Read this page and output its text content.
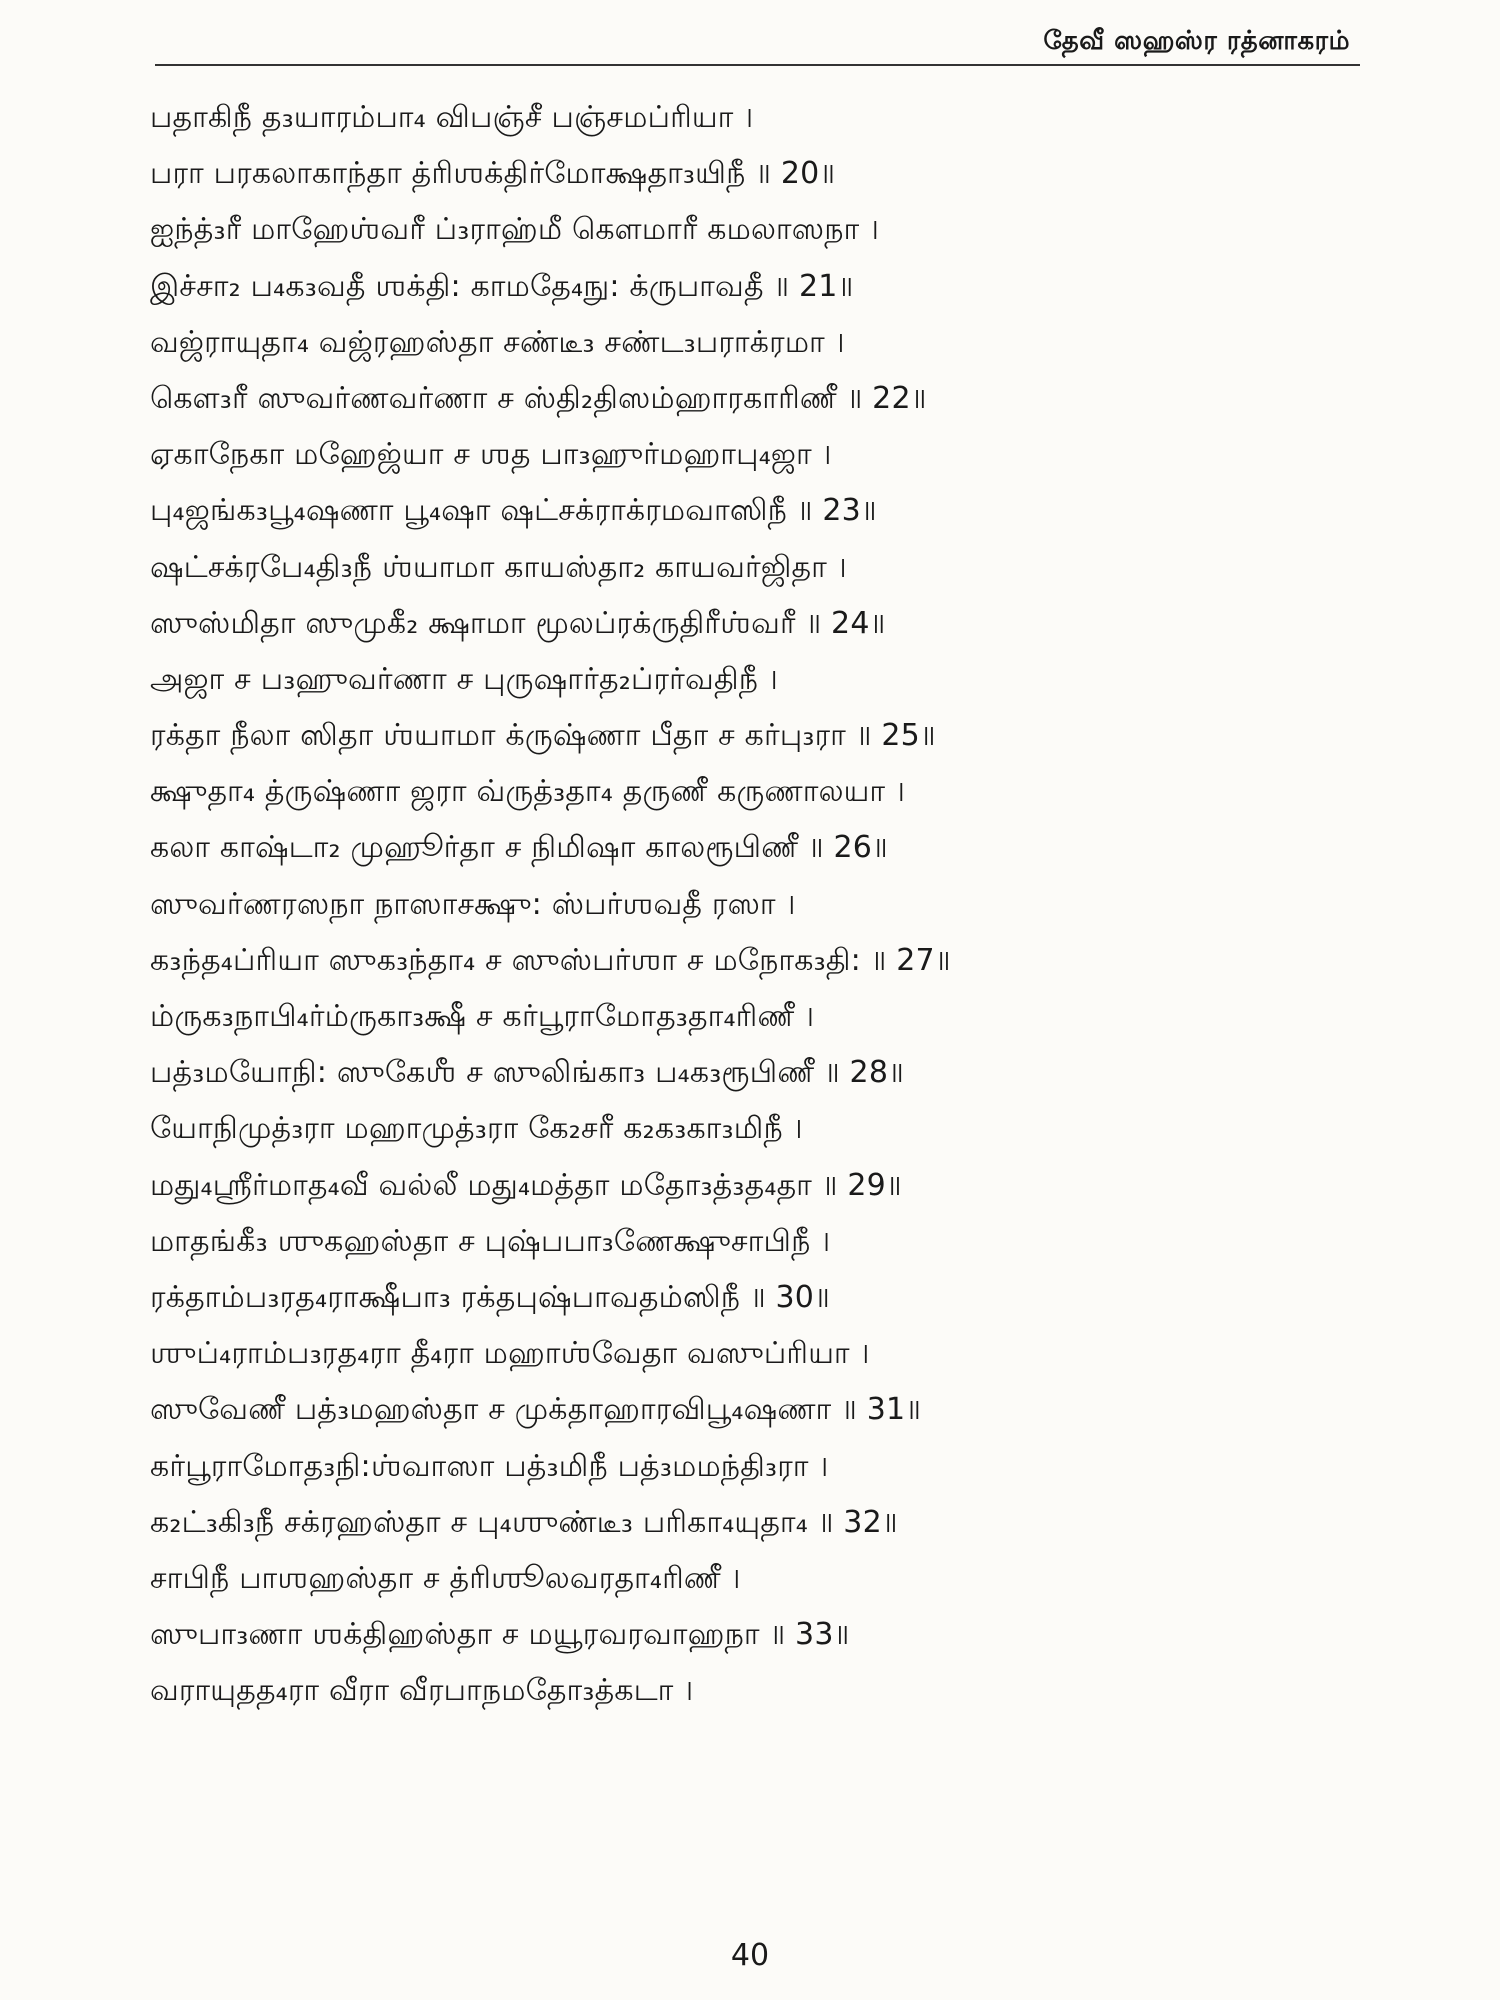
தேவீ ஸஹஸ்ர ரத்னாகரம்
பதாகிநீ த₃யாரம்பா₄ விபஞ்சீ பஞ்சமப்ரியா ।
பரா பரகலாகாந்தா த்ரிஶக்திர்மோக்ஷதா₃யிநீ ॥ 20॥
ஐந்த்₃ரீ மாஹேஶ்வரீ ப்₃ராஹ்மீ கௌமாரீ கமலாஸநா ।
இச்சா₂ ப₄க₃வதீ ஶக்தி: காமதே₄நு: க்ருபாவதீ ॥ 21॥
வஜ்ராயுதா₄ வஜ்ரஹஸ்தா சண்டீ₃ சண்ட₃பராக்ரமா ।
கௌ₃ரீ ஸுவர்ணவர்ணா ச ஸ்தி₂திஸம்ஹாரகாரிணீ ॥ 22॥
ஏகாநேகா மஹேஜ்யா ச ஶத பா₃ஹுர்மஹாபு₄ஜா ।
பு₄ஜங்க₃பூ₄ஷணா பூ₄ஷா ஷட்சக்ராக்ரமவாஸிநீ ॥ 23॥
ஷட்சக்ரபே₄தி₃நீ ஶ்யாமா காயஸ்தா₂ காயவர்ஜிதா ।
ஸுஸ்மிதா ஸுமுகீ₂ க்ஷாமா மூலப்ரக்ருதிரீஶ்வரீ ॥ 24॥
அஜா ச ப₃ஹுவர்ணா ச புருஷார்த₂ப்ரர்வதிநீ ।
ரக்தா நீலா ஸிதா ஶ்யாமா க்ருஷ்ணா பீதா ச கர்பு₃ரா ॥ 25॥
க்ஷுதா₄ த்ருஷ்ணா ஜரா வ்ருத்₃தா₄ தருணீ கருணாலயா ।
கலா காஷ்டா₂ முஹூர்தா ச நிமிஷா காலரூபிணீ ॥ 26॥
ஸுவர்ணரஸநா நாஸாசக்ஷு: ஸ்பர்ஶவதீ ரஸா ।
க₃ந்த₄ப்ரியா ஸுக₃ந்தா₄ ச ஸுஸ்பர்ஶா ச மநோக₃தி: ॥ 27॥
ம்ருக₃நாபி₄ர்ம்ருகா₃க்ஷீ ச கர்பூராமோத₃தா₄ரிணீ ।
பத்₃மயோநி: ஸுகேஶீ ச ஸுலிங்கா₃ ப₄க₃ரூபிணீ ॥ 28॥
யோநிமுத்₃ரா மஹாமுத்₃ரா கே₂சரீ க₂க₃கா₃மிநீ ।
மது₄ஶ்ரீர்மாத₄வீ வல்லீ மது₄மத்தா மதோ₃த்₃த₄தா ॥ 29॥
மாதங்கீ₃ ஶுகஹஸ்தா ச புஷ்பபா₃ணேக்ஷுசாபிநீ ।
ரக்தாம்ப₃ரத₄ராக்ஷீபா₃ ரக்தபுஷ்பாவதம்ஸிநீ ॥ 30॥
ஶுப்₄ராம்ப₃ரத₄ரா தீ₄ரா மஹாஶ்வேதா வஸுப்ரியா ।
ஸுவேணீ பத்₃மஹஸ்தா ச முக்தாஹாரவிபூ₄ஷணா ॥ 31॥
கர்பூராமோத₃நி:ஶ்வாஸா பத்₃மிநீ பத்₃மமந்தி₃ரா ।
க₂ட்₃கி₃நீ சக்ரஹஸ்தா ச பு₄ஶுண்டீ₃ பரிகா₄யுதா₄ ॥ 32॥
சாபிநீ பாஶஹஸ்தா ச த்ரிஶூலவரதா₄ரிணீ ।
ஸுபா₃ணா ஶக்திஹஸ்தா ச மயூரவரவாஹநா ॥ 33॥
வராயுதத₄ரா வீரா வீரபாநமதோ₃த்கடா ।
40
